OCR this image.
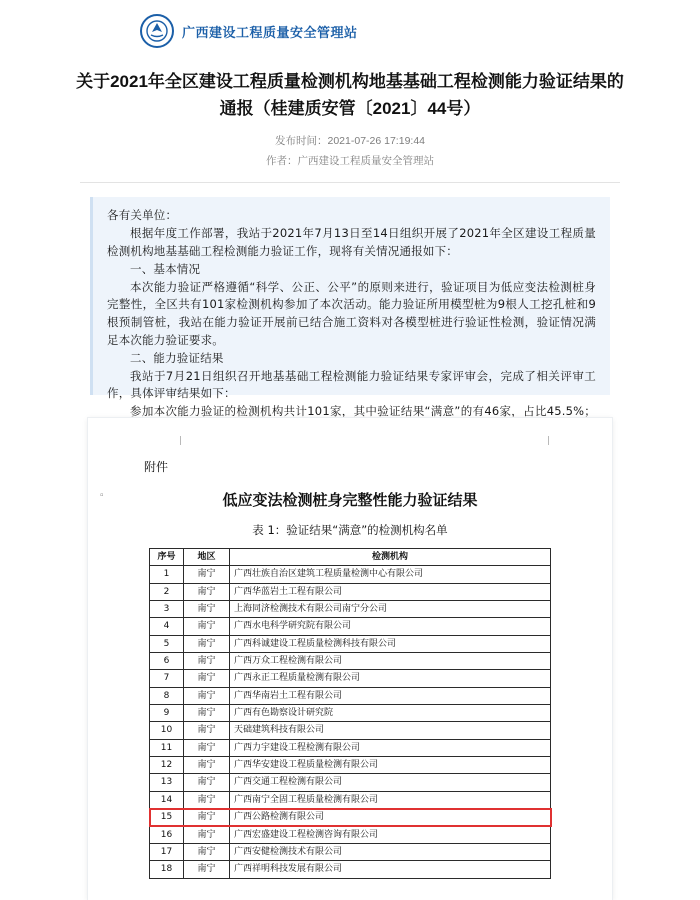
广西建设工程质量安全管理站
关于2021年全区建设工程质量检测机构地基基础工程检测能力验证结果的通报（桂建质安管〔2021〕44号）
发布时间：2021-07-26 17:19:44
作者：广西建设工程质量安全管理站

各有关单位：

根据年度工作部署，我站于2021年7月13日至14日组织开展了2021年全区建设工程质量检测机构地基基础工程检测能力验证工作，现将有关情况通报如下：

一、基本情况

本次能力验证严格遵循“科学、公正、公平”的原则来进行，验证项目为低应变法检测桩身完整性，全区共有101家检测机构参加了本次活动。能力验证所用模型桩为9根人工挖孔桩和9根预制管桩，我站在能力验证开展前已结合施工资料对各模型桩进行验证性检测，验证情况满足本次能力验证要求。

二、能力验证结果

我站于7月21日组织召开地基基础工程检测能力验证结果专家评审会，完成了相关评审工作，具体评审结果如下：

参加本次能力验证的检测机构共计101家，其中验证结果“满意”的有46家，占比45.5%；

▫︎
附件
低应变法检测桩身完整性能力验证结果
表 1：验证结果“满意”的检测机构名单
序号	地区	检测机构
1	南宁	广西壮族自治区建筑工程质量检测中心有限公司
2	南宁	广西华蓝岩土工程有限公司
3	南宁	上海同济检测技术有限公司南宁分公司
4	南宁	广西水电科学研究院有限公司
5	南宁	广西科诚建设工程质量检测科技有限公司
6	南宁	广西万众工程检测有限公司
7	南宁	广西永正工程质量检测有限公司
8	南宁	广西华南岩土工程有限公司
9	南宁	广西有色勘察设计研究院
10	南宁	天础建筑科技有限公司
11	南宁	广西力宇建设工程检测有限公司
12	南宁	广西华安建设工程质量检测有限公司
13	南宁	广西交通工程检测有限公司
14	南宁	广西南宁全固工程质量检测有限公司
15	南宁	广西公路检测有限公司
16	南宁	广西宏盛建设工程检测咨询有限公司
17	南宁	广西安健检测技术有限公司
18	南宁	广西祥明科技发展有限公司
